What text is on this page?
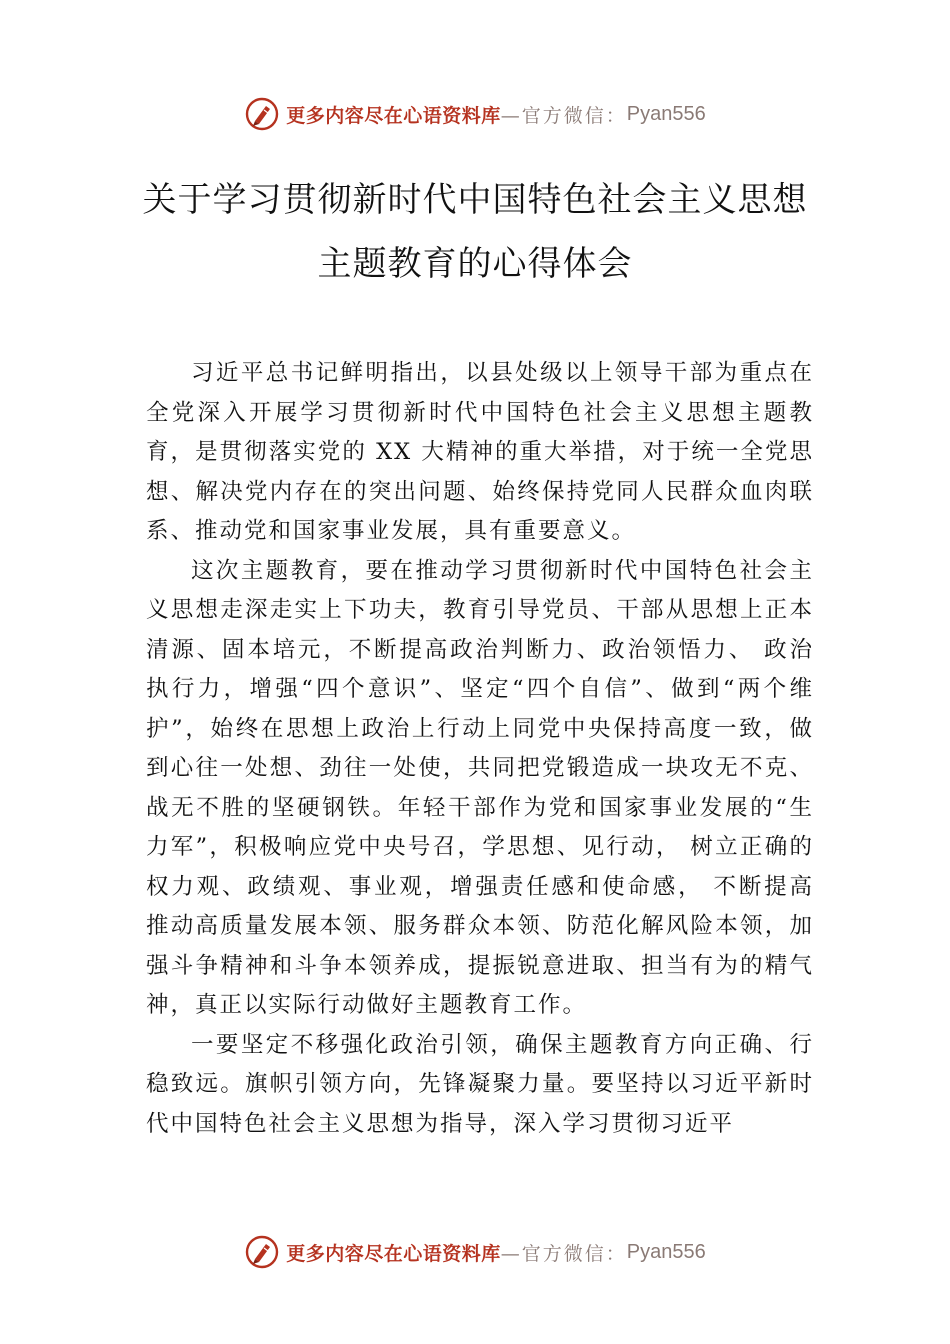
更多内容尽在心语资料库 —官方微信： Pyan556
关于学习贯彻新时代中国特色社会主义思想主题教育的心得体会

习近平总书记鲜明指出，以县处级以上领导干部为重点在全党深入开展学习贯彻新时代中国特色社会主义思想主题教育，是贯彻落实党的 XX 大精神的重大举措，对于统一全党思想、解决党内存在的突出问题、始终保持党同人民群众血肉联系、推动党和国家事业发展，具有重要意义。

这次主题教育，要在推动学习贯彻新时代中国特色社会主义思想走深走实上下功夫，教育引导党员、干部从思想上正本清源、固本培元，不断提高政治判断力、政治领悟力、 政治执行力，增强“四个意识”、坚定“四个自信”、做到“两个维护”，始终在思想上政治上行动上同党中央保持高度一致，做到心往一处想、劲往一处使，共同把党锻造成一块攻无不克、战无不胜的坚硬钢铁。年轻干部作为党和国家事业发展的“生力军”，积极响应党中央号召，学思想、见行动， 树立正确的权力观、政绩观、事业观，增强责任感和使命感， 不断提高推动高质量发展本领、服务群众本领、防范化解风险本领，加强斗争精神和斗争本领养成，提振锐意进取、担当有为的精气神，真正以实际行动做好主题教育工作。

一要坚定不移强化政治引领，确保主题教育方向正确、行稳致远。旗帜引领方向，先锋凝聚力量。要坚持以习近平新时代中国特色社会主义思想为指导，深入学习贯彻习近平

更多内容尽在心语资料库 —官方微信： Pyan556
